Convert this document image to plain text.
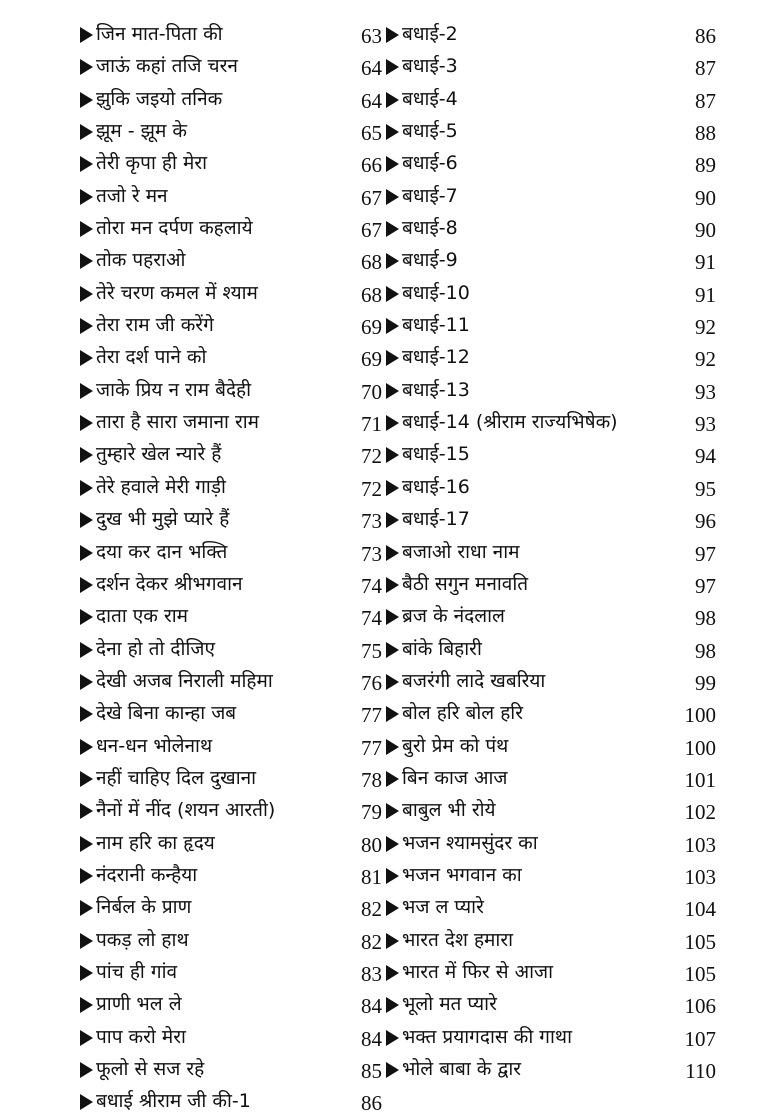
जिन मात-पिता की	63
जाऊं कहां तजि चरन	64
झुकि जइयो तनिक	64
झूम - झूम के	65
तेरी कृपा ही मेरा	66
तजो रे मन	67
तोरा मन दर्पण कहलाये	67
तोक पहराओ	68
तेरे चरण कमल में श्याम	68
तेरा राम जी करेंगे	69
तेरा दर्श पाने को	69
जाके प्रिय न राम बैदेही	70
तारा है सारा जमाना राम	71
तुम्हारे खेल न्यारे हैं	72
तेरे हवाले मेरी गाड़ी	72
दुख भी मुझे प्यारे हैं	73
दया कर दान भक्ति	73
दर्शन देकर श्रीभगवान	74
दाता एक राम	74
देना हो तो दीजिए	75
देखी अजब निराली महिमा	76
देखे बिना कान्हा जब	77
धन-धन भोलेनाथ	77
नहीं चाहिए दिल दुखाना	78
नैनों में नींद (शयन आरती)	79
नाम हरि का हृदय	80
नंदरानी कन्हैया	81
निर्बल के प्राण	82
पकड़ लो हाथ	82
पांच ही गांव	83
प्राणी भल ले	84
पाप करो मेरा	84
फूलो से सज रहे	85
बधाई श्रीराम जी की-1	86
बधाई-2	86
बधाई-3	87
बधाई-4	87
बधाई-5	88
बधाई-6	89
बधाई-7	90
बधाई-8	90
बधाई-9	91
बधाई-10	91
बधाई-11	92
बधाई-12	92
बधाई-13	93
बधाई-14 (श्रीराम राज्यभिषेक)	93
बधाई-15	94
बधाई-16	95
बधाई-17	96
बजाओ राधा नाम	97
बैठी सगुन मनावति	97
ब्रज के नंदलाल	98
बांके बिहारी	98
बजरंगी लादे खबरिया	99
बोल हरि बोल हरि	100
बुरो प्रेम को पंथ	100
बिन काज आज	101
बाबुल भी रोये	102
भजन श्यामसुंदर का	103
भजन भगवान का	103
भज ल प्यारे	104
भारत देश हमारा	105
भारत में फिर से आजा	105
भूलो मत प्यारे	106
भक्त प्रयागदास की गाथा	107
भोले बाबा के द्वार	110
